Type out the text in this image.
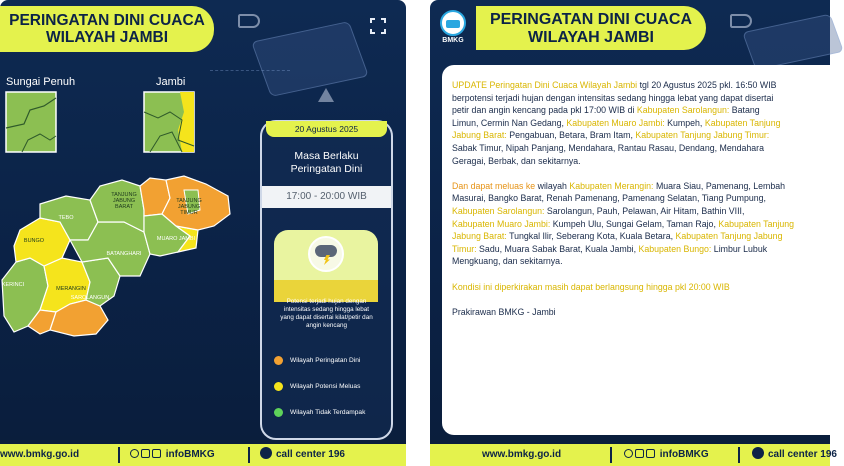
PERINGATAN DINI CUACA
WILAYAH JAMBI
Sungai Penuh	Jambi
TANJUNG JABUNG BARAT
TANJUNG JABUNG TIMUR
TEBO
BUNGO
BATANGHARI
MUARO JAMBI
MERANGIN
KERINCI
SAROLANGUN
20 Agustus 2025
Masa Berlaku
Peringatan Dini
17:00 - 20:00 WIB
Potensi terjadi hujan dengan
intensitas sedang hingga lebat
yang dapat disertai kilat/petir dan
angin kencang
Wilayah Peringatan Dini
Wilayah Potensi Meluas
Wilayah Tidak Terdampak
www.bmkg.go.id	infoBMKG	call center 196
BMKG
PERINGATAN DINI CUACA
WILAYAH JAMBI

UPDATE Peringatan Dini Cuaca Wilayah Jambi tgl 20 Agustus 2025 pkl. 16:50 WIB

berpotensi terjadi hujan dengan intensitas sedang hingga lebat yang dapat disertai

petir dan angin kencang pada pkl 17:00 WIB di Kabupaten Sarolangun: Batang

Limun, Cermin Nan Gedang, Kabupaten Muaro Jambi: Kumpeh, Kabupaten Tanjung

Jabung Barat: Pengabuan, Betara, Bram Itam, Kabupaten Tanjung Jabung Timur:

Sabak Timur, Nipah Panjang, Mendahara, Rantau Rasau, Dendang, Mendahara

Geragai, Berbak, dan sekitarnya.

Dan dapat meluas ke wilayah Kabupaten Merangin: Muara Siau, Pamenang, Lembah

Masurai, Bangko Barat, Renah Pamenang, Pamenang Selatan, Tiang Pumpung,

Kabupaten Sarolangun: Sarolangun, Pauh, Pelawan, Air Hitam, Bathin VIII,

Kabupaten Muaro Jambi: Kumpeh Ulu, Sungai Gelam, Taman Rajo, Kabupaten Tanjung

Jabung Barat: Tungkal Ilir, Seberang Kota, Kuala Betara, Kabupaten Tanjung Jabung

Timur: Sadu, Muara Sabak Barat, Kuala Jambi, Kabupaten Bungo: Limbur Lubuk

Mengkuang, dan sekitarnya.

Kondisi ini diperkirakan masih dapat berlangsung hingga pkl 20:00 WIB

Prakirawan BMKG - Jambi

www.bmkg.go.id	infoBMKG	call center 196
